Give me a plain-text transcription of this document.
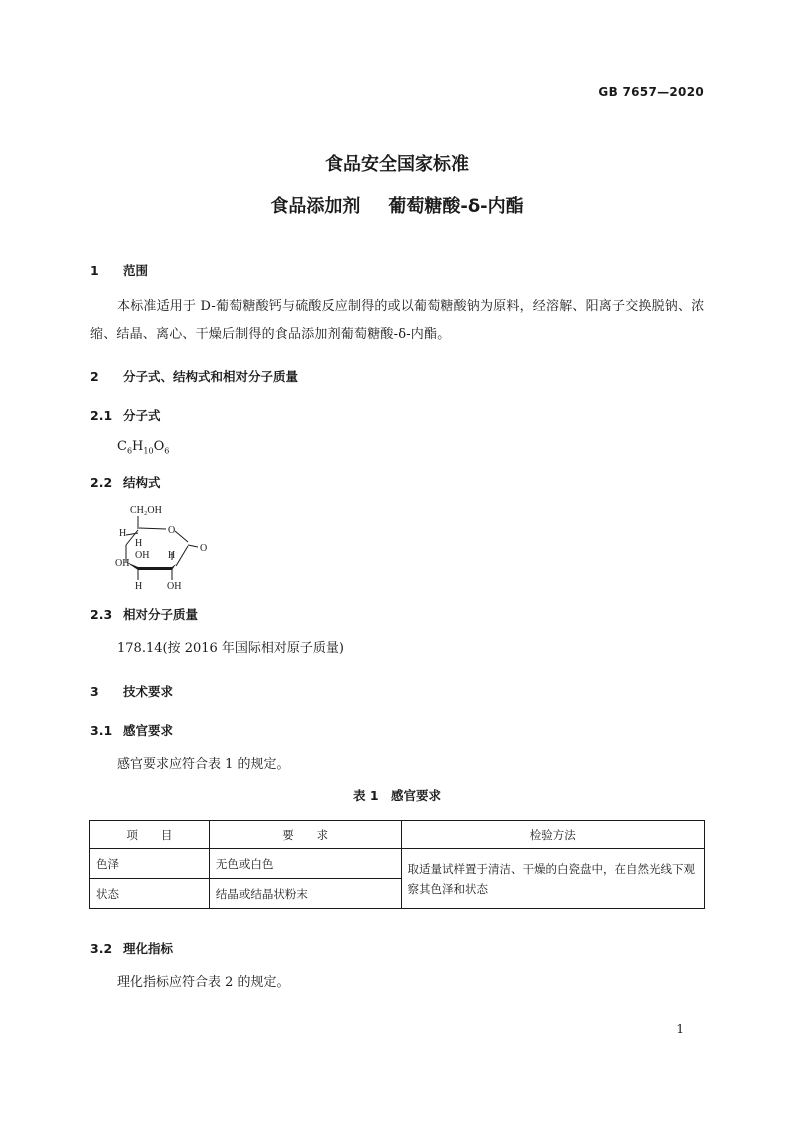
GB 7657—2020
食品安全国家标准
食品添加剂 葡萄糖酸-δ-内酯
1 范围
本标准适用于 D-葡萄糖酸钙与硫酸反应制得的或以葡萄糖酸钠为原料，经溶解、阳离子交换脱钠、浓缩、结晶、离心、干燥后制得的食品添加剂葡萄糖酸-δ-内酯。
2 分子式、结构式和相对分子质量
2.1 分子式
$C_6H_{10}O_6$
2.2 结构式
CH₂OH
H	O
H
OH H
O
OH
H OH
2.3 相对分子质量
178.14(按 2016 年国际相对原子质量)
3 技术要求
3.1 感官要求
感官要求应符合表 1 的规定。
表 1　感官要求
项　　目	要　　求	检验方法
色泽	无色或白色	取适量试样置于清洁、干燥的白瓷盘中，在自然光线下观察其色泽和状态
状态	结晶或结晶状粉末	
3.2 理化指标
理化指标应符合表 2 的规定。
1
